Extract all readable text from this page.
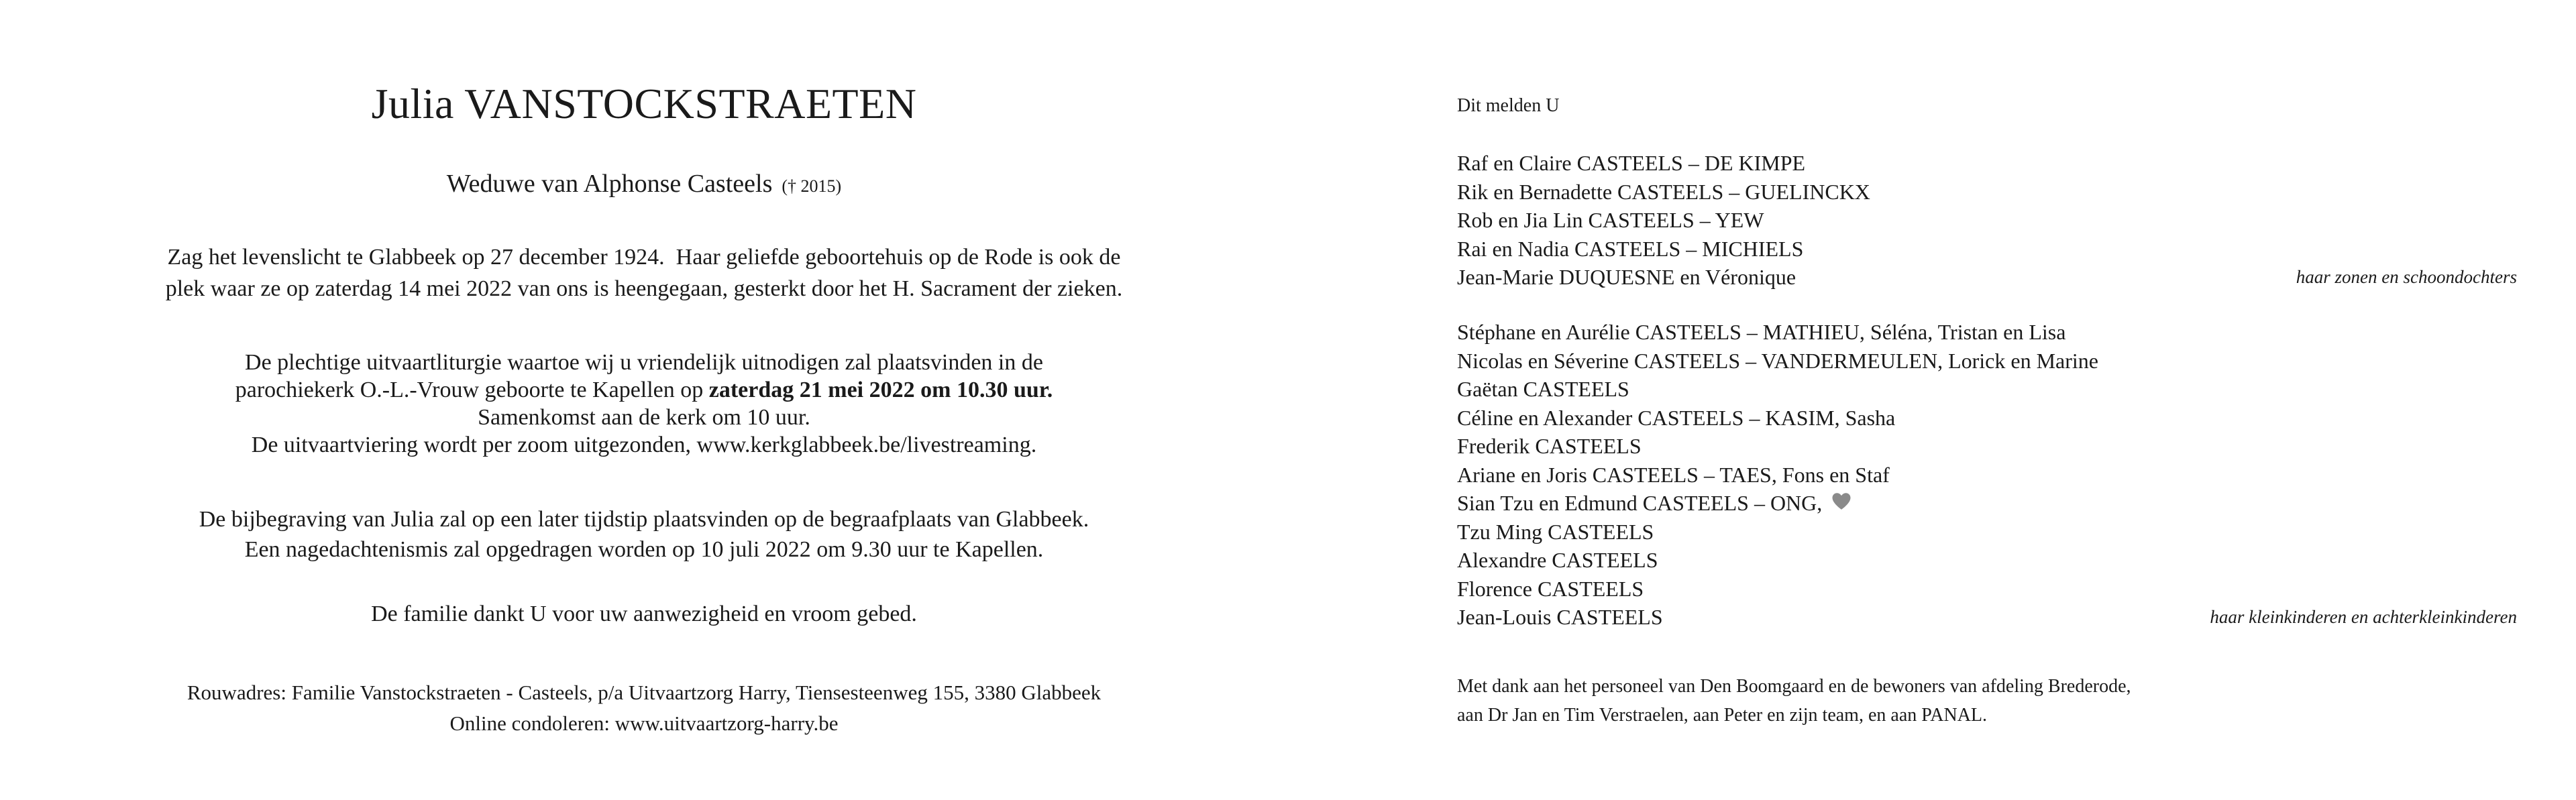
Julia VANSTOCKSTRAETEN
Weduwe van Alphonse Casteels († 2015)
Zag het levenslicht te Glabbeek op 27 december 1924.  Haar geliefde geboortehuis op de Rode is ook de
plek waar ze op zaterdag 14 mei 2022 van ons is heengegaan, gesterkt door het H. Sacrament der zieken.
De plechtige uitvaartliturgie waartoe wij u vriendelijk uitnodigen zal plaatsvinden in de
parochiekerk O.-L.-Vrouw geboorte te Kapellen op zaterdag 21 mei 2022 om 10.30 uur.
Samenkomst aan de kerk om 10 uur.
De uitvaartviering wordt per zoom uitgezonden, www.kerkglabbeek.be/livestreaming.
De bijbegraving van Julia zal op een later tijdstip plaatsvinden op de begraafplaats van Glabbeek.
Een nagedachtenismis zal opgedragen worden op 10 juli 2022 om 9.30 uur te Kapellen.
De familie dankt U voor uw aanwezigheid en vroom gebed.
Rouwadres: Familie Vanstockstraeten - Casteels, p/a Uitvaartzorg Harry, Tiensesteenweg 155, 3380 Glabbeek
Online condoleren: www.uitvaartzorg-harry.be
Dit melden U
Raf en Claire CASTEELS – DE KIMPE
Rik en Bernadette CASTEELS – GUELINCKX
Rob en Jia Lin CASTEELS – YEW
Rai en Nadia CASTEELS – MICHIELS
Jean-Marie DUQUESNE en Véronique	haar zonen en schoondochters
Stéphane en Aurélie CASTEELS – MATHIEU, Séléna, Tristan en Lisa
Nicolas en Séverine CASTEELS – VANDERMEULEN, Lorick en Marine
Gaëtan CASTEELS
Céline en Alexander CASTEELS – KASIM, Sasha
Frederik CASTEELS
Ariane en Joris CASTEELS – TAES, Fons en Staf
Sian Tzu en Edmund CASTEELS – ONG,
Tzu Ming CASTEELS
Alexandre CASTEELS
Florence CASTEELS
Jean-Louis CASTEELS	haar kleinkinderen en achterkleinkinderen
Met dank aan het personeel van Den Boomgaard en de bewoners van afdeling Brederode,
aan Dr Jan en Tim Verstraelen, aan Peter en zijn team, en aan PANAL.
